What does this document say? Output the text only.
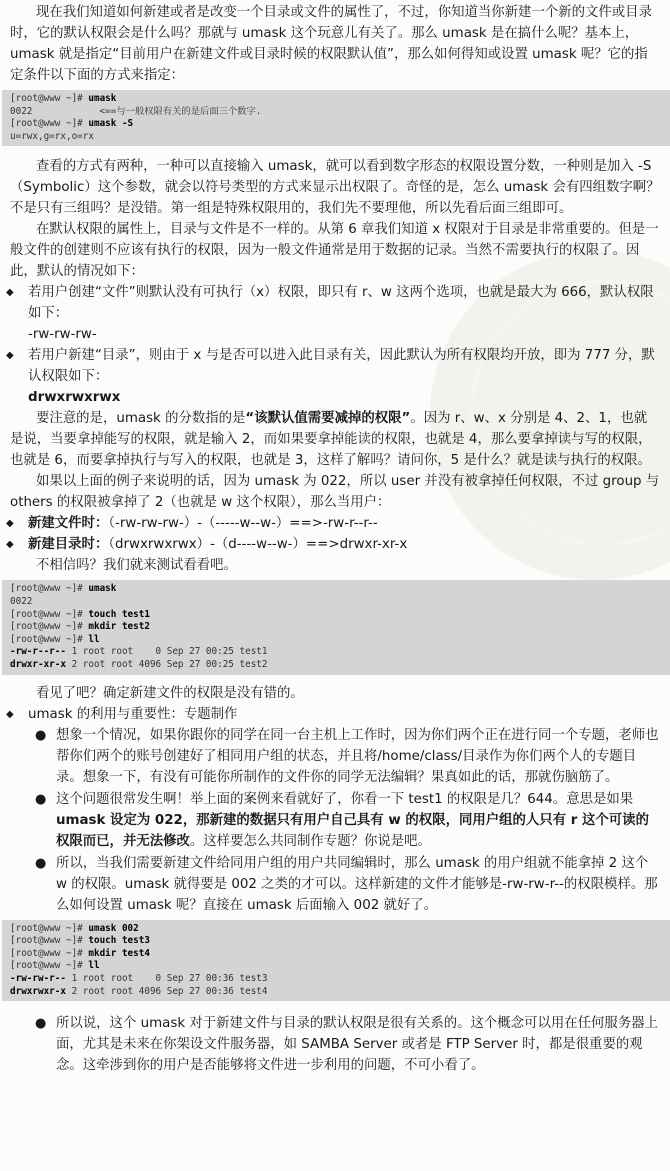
现在我们知道如何新建或者是改变一个目录或文件的属性了，不过，你知道当你新建一个新的文件或目录时，它的默认权限会是什么吗？那就与 umask 这个玩意儿有关了。那么 umask 是在搞什么呢？基本上，umask 就是指定“目前用户在新建文件或目录时候的权限默认值”，那么如何得知或设置 umask 呢？它的指定条件以下面的方式来指定：

[root@www ~]# umask
0022            <==与一般权限有关的是后面三个数字.
[root@www ~]# umask -S
u=rwx,g=rx,o=rx

查看的方式有两种，一种可以直接输入 umask，就可以看到数字形态的权限设置分数，一种则是加入 -S（Symbolic）这个参数，就会以符号类型的方式来显示出权限了。奇怪的是，怎么 umask 会有四组数字啊？不是只有三组吗？是没错。第一组是特殊权限用的，我们先不要理他，所以先看后面三组即可。

在默认权限的属性上，目录与文件是不一样的。从第 6 章我们知道 x 权限对于目录是非常重要的。但是一般文件的创建则不应该有执行的权限，因为一般文件通常是用于数据的记录。当然不需要执行的权限了。因此，默认的情况如下：

◆ 若用户创建“文件”则默认没有可执行（x）权限，即只有 r、w 这两个选项，也就是最大为 666，默认权限如下：

-rw-rw-rw-

◆ 若用户新建“目录”，则由于 x 与是否可以进入此目录有关，因此默认为所有权限均开放，即为 777 分，默认权限如下：

drwxrwxrwx

要注意的是，umask 的分数指的是“该默认值需要减掉的权限”。因为 r、w、x 分别是 4、2、1，也就是说，当要拿掉能写的权限，就是输入 2，而如果要拿掉能读的权限，也就是 4，那么要拿掉读与写的权限，也就是 6，而要拿掉执行与写入的权限，也就是 3，这样了解吗？请问你，5 是什么？就是读与执行的权限。

如果以上面的例子来说明的话，因为 umask 为 022，所以 user 并没有被拿掉任何权限，不过 group 与 others 的权限被拿掉了 2（也就是 w 这个权限），那么当用户：

◆ 新建文件时：（-rw-rw-rw-）-（-----w--w-）==>-rw-r--r--

◆ 新建目录时：（drwxrwxrwx）-（d----w--w-）==>drwxr-xr-x

不相信吗？我们就来测试看看吧。

[root@www ~]# umask
0022
[root@www ~]# touch test1
[root@www ~]# mkdir test2
[root@www ~]# ll
-rw-r--r-- 1 root root    0 Sep 27 00:25 test1
drwxr-xr-x 2 root root 4096 Sep 27 00:25 test2

看见了吧？确定新建文件的权限是没有错的。

◆ umask 的利用与重要性：专题制作

● 想象一个情况，如果你跟你的同学在同一台主机上工作时，因为你们两个正在进行同一个专题，老师也帮你们两个的账号创建好了相同用户组的状态，并且将/home/class/目录作为你们两个人的专题目录。想象一下，有没有可能你所制作的文件你的同学无法编辑？果真如此的话，那就伤脑筋了。

● 这个问题很常发生啊！举上面的案例来看就好了，你看一下 test1 的权限是几？644。意思是如果 umask 设定为 022，那新建的数据只有用户自己具有 w 的权限，同用户组的人只有 r 这个可读的权限而已，并无法修改。这样要怎么共同制作专题？你说是吧。

● 所以，当我们需要新建文件给同用户组的用户共同编辑时，那么 umask 的用户组就不能拿掉 2 这个 w 的权限。umask 就得要是 002 之类的才可以。这样新建的文件才能够是-rw-rw-r--的权限模样。那么如何设置 umask 呢？直接在 umask 后面输入 002 就好了。

[root@www ~]# umask 002
[root@www ~]# touch test3
[root@www ~]# mkdir test4
[root@www ~]# ll
-rw-rw-r-- 1 root root    0 Sep 27 00:36 test3
drwxrwxr-x 2 root root 4096 Sep 27 00:36 test4

● 所以说，这个 umask 对于新建文件与目录的默认权限是很有关系的。这个概念可以用在任何服务器上面，尤其是未来在你架设文件服务器，如 SAMBA Server 或者是 FTP Server 时，都是很重要的观念。这牵涉到你的用户是否能够将文件进一步利用的问题，不可小看了。
